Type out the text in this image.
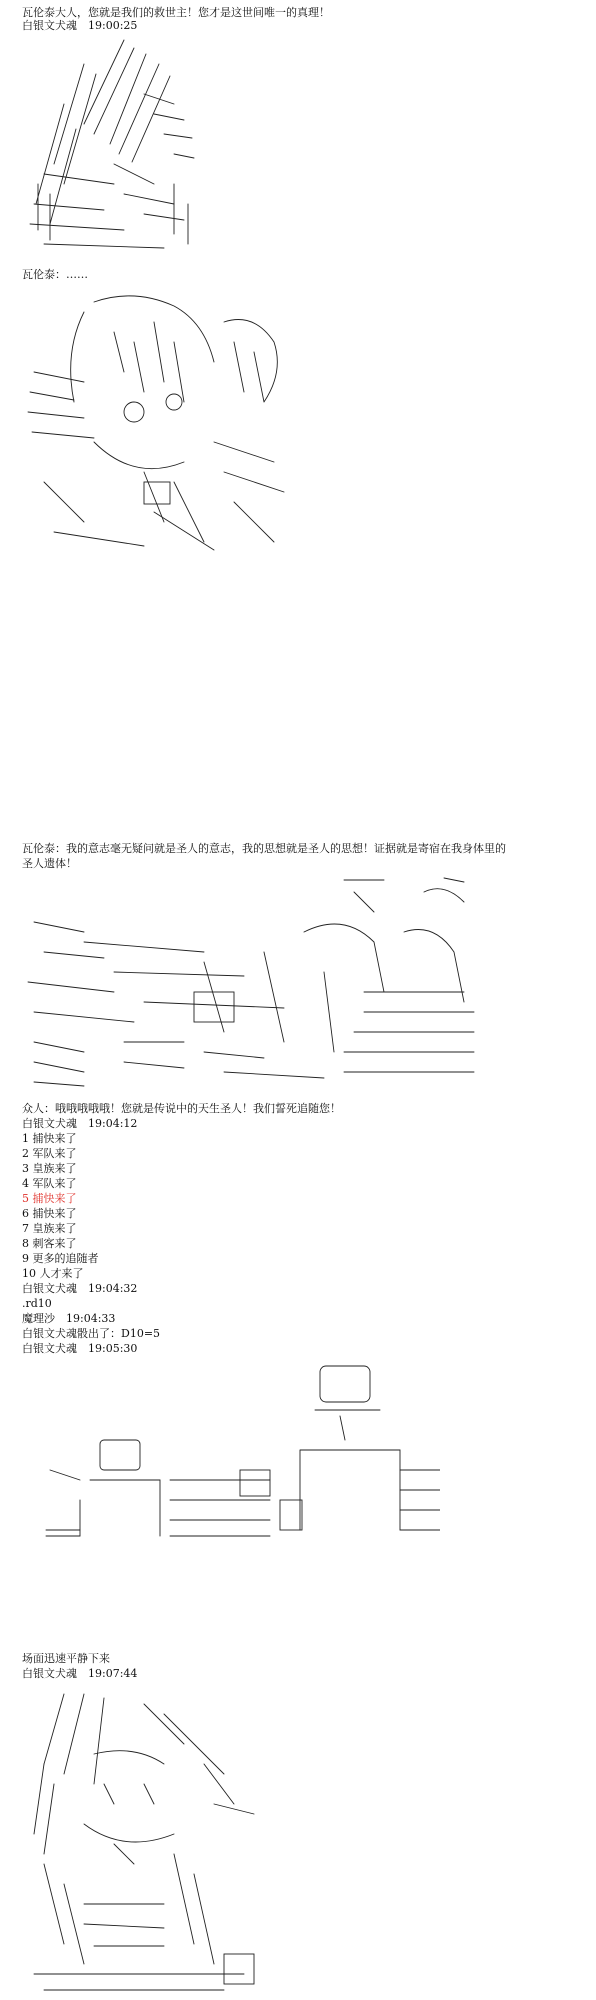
瓦伦泰大人，您就是我们的救世主！您才是这世间唯一的真理！
白银文犬魂　19:00:25
瓦伦泰：……
瓦伦泰：我的意志毫无疑问就是圣人的意志，我的思想就是圣人的思想！证据就是寄宿在我身体里的
圣人遗体！
众人：哦哦哦哦哦！您就是传说中的天生圣人！我们誓死追随您！
白银文犬魂　19:04:12
1 捕快来了
2 军队来了
3 皇族来了
4 军队来了
5 捕快来了
6 捕快来了
7 皇族来了
8 刺客来了
9 更多的追随者
10 人才来了
白银文犬魂　19:04:32
.rd10
魔理沙　19:04:33
白银文犬魂骰出了：D10=5
白银文犬魂　19:05:30
场面迅速平静下来
白银文犬魂　19:07:44
